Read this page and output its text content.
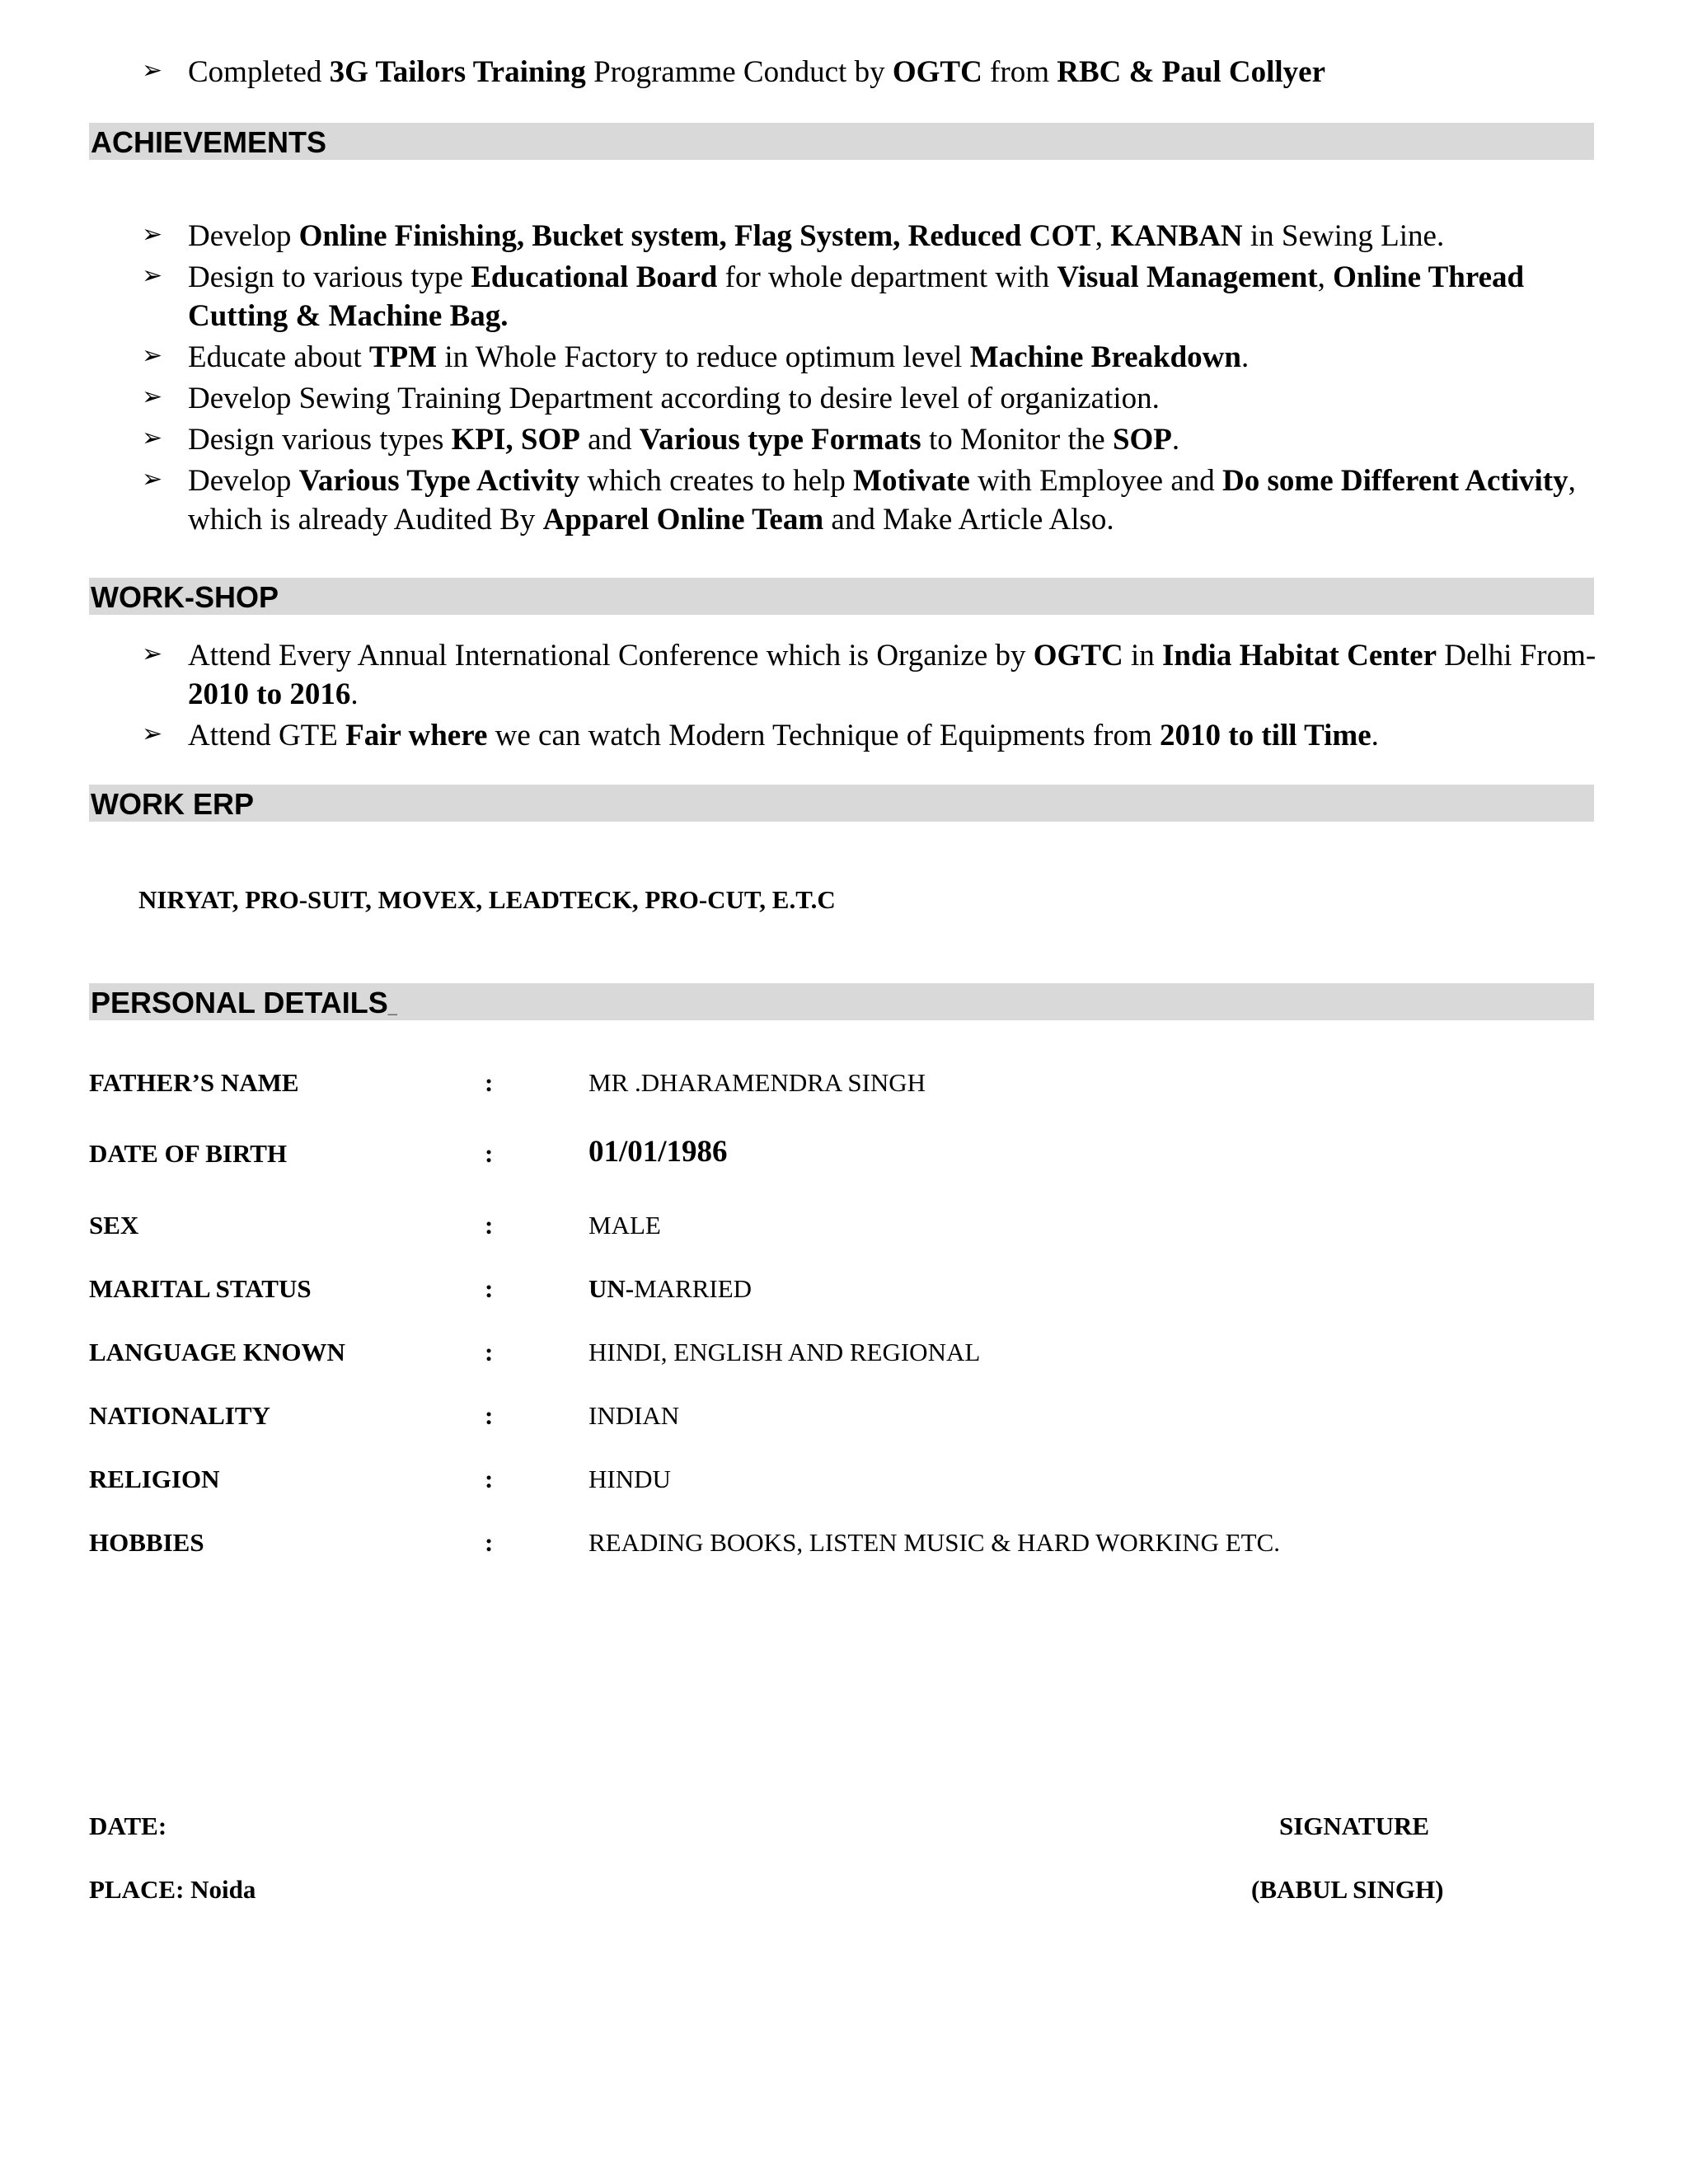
➢ Completed 3G Tailors Training Programme Conduct by OGTC from RBC & Paul Collyer
ACHIEVEMENTS
➢ Develop Online Finishing, Bucket system, Flag System, Reduced COT, KANBAN in Sewing Line.
➢ Design to various type Educational Board for whole department with Visual Management, Online Thread Cutting & Machine Bag.
➢ Educate about TPM in Whole Factory to reduce optimum level Machine Breakdown.
➢ Develop Sewing Training Department according to desire level of organization.
➢ Design various types KPI, SOP and Various type Formats to Monitor the SOP.
➢ Develop Various Type Activity which creates to help Motivate with Employee and Do some Different Activity, which is already Audited By Apparel Online Team and Make Article Also.
WORK-SHOP
➢ Attend Every Annual International Conference which is Organize by OGTC in India Habitat Center Delhi From- 2010 to 2016.
➢ Attend GTE Fair where we can watch Modern Technique of Equipments from 2010 to till Time.
WORK ERP
NIRYAT, PRO-SUIT, MOVEX, LEADTECK, PRO-CUT, E.T.C
PERSONAL DETAILS_
FATHER’S NAME	:	MR .DHARAMENDRA SINGH
DATE OF BIRTH	:	01/01/1986
SEX	:	MALE
MARITAL STATUS	:	UN-MARRIED
LANGUAGE KNOWN	:	HINDI, ENGLISH AND REGIONAL
NATIONALITY	:	INDIAN
RELIGION	:	HINDU
HOBBIES	:	READING BOOKS, LISTEN MUSIC & HARD WORKING ETC.
DATE:
PLACE: Noida
SIGNATURE
(BABUL SINGH)
